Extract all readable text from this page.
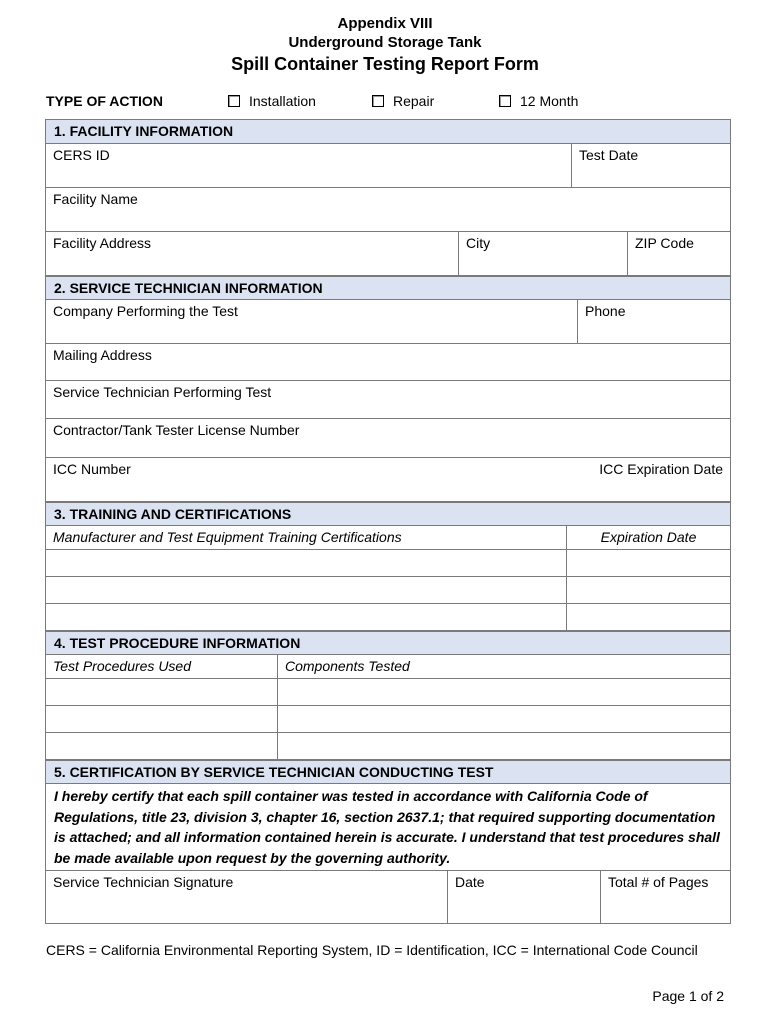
Appendix VIII
Underground Storage Tank
Spill Container Testing Report Form
TYPE OF ACTION	Installation	Repair	12 Month
1. FACILITY INFORMATION
CERS ID	Test Date
Facility Name
Facility Address	City	ZIP Code
2. SERVICE TECHNICIAN INFORMATION
Company Performing the Test	Phone
Mailing Address
Service Technician Performing Test
Contractor/Tank Tester License Number
ICC Number	ICC Expiration Date
3. TRAINING AND CERTIFICATIONS
Manufacturer and Test Equipment Training Certifications	Expiration Date
4. TEST PROCEDURE INFORMATION
Test Procedures Used	Components Tested
5. CERTIFICATION BY SERVICE TECHNICIAN CONDUCTING TEST
I hereby certify that each spill container was tested in accordance with California Code of Regulations, title 23, division 3, chapter 16, section 2637.1; that required supporting documentation is attached; and all information contained herein is accurate. I understand that test procedures shall be made available upon request by the governing authority.
Service Technician Signature	Date	Total # of Pages
CERS = California Environmental Reporting System, ID = Identification, ICC = International Code Council
Page 1 of 2
